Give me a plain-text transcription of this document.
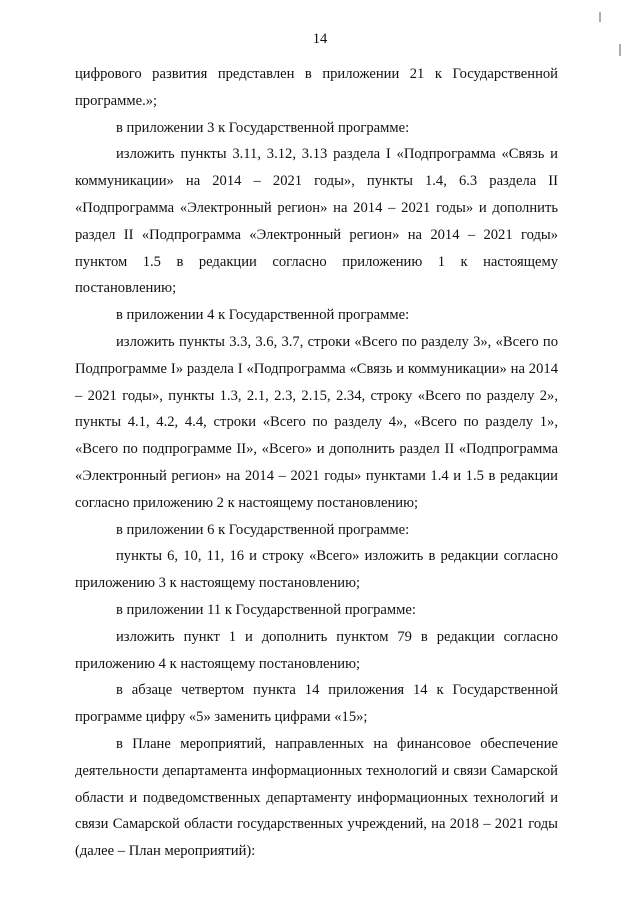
14

цифрового развития представлен в приложении 21 к Государственной программе.»;

в приложении 3 к Государственной программе:

изложить пункты 3.11, 3.12, 3.13 раздела I «Подпрограмма «Связь и коммуникации» на 2014 – 2021 годы», пункты 1.4, 6.3 раздела II «Подпрограмма «Электронный регион» на 2014 – 2021 годы» и дополнить раздел II «Подпрограмма «Электронный регион» на 2014 – 2021 годы» пунктом 1.5 в редакции согласно приложению 1 к настоящему постановлению;

в приложении 4 к Государственной программе:

изложить пункты 3.3, 3.6, 3.7, строки «Всего по разделу 3», «Всего по Подпрограмме I» раздела I «Подпрограмма «Связь и коммуникации» на 2014 – 2021 годы», пункты 1.3, 2.1, 2.3, 2.15, 2.34, строку «Всего по разделу 2», пункты 4.1, 4.2, 4.4, строки «Всего по разделу 4», «Всего по разделу 1», «Всего по подпрограмме II», «Всего» и дополнить раздел II «Подпрограмма «Электронный регион» на 2014 – 2021 годы» пунктами 1.4 и 1.5 в редакции согласно приложению 2 к настоящему постановлению;

в приложении 6 к Государственной программе:

пункты 6, 10, 11, 16 и строку «Всего» изложить в редакции согласно приложению 3 к настоящему постановлению;

в приложении 11 к Государственной программе:

изложить пункт 1 и дополнить пунктом 79 в редакции согласно приложению 4 к настоящему постановлению;

в абзаце четвертом пункта 14 приложения 14 к Государственной программе цифру «5» заменить цифрами «15»;

в Плане мероприятий, направленных на финансовое обеспечение деятельности департамента информационных технологий и связи Самарской области и подведомственных департаменту информационных технологий и связи Самарской области государственных учреждений, на 2018 – 2021 годы (далее – План мероприятий):
